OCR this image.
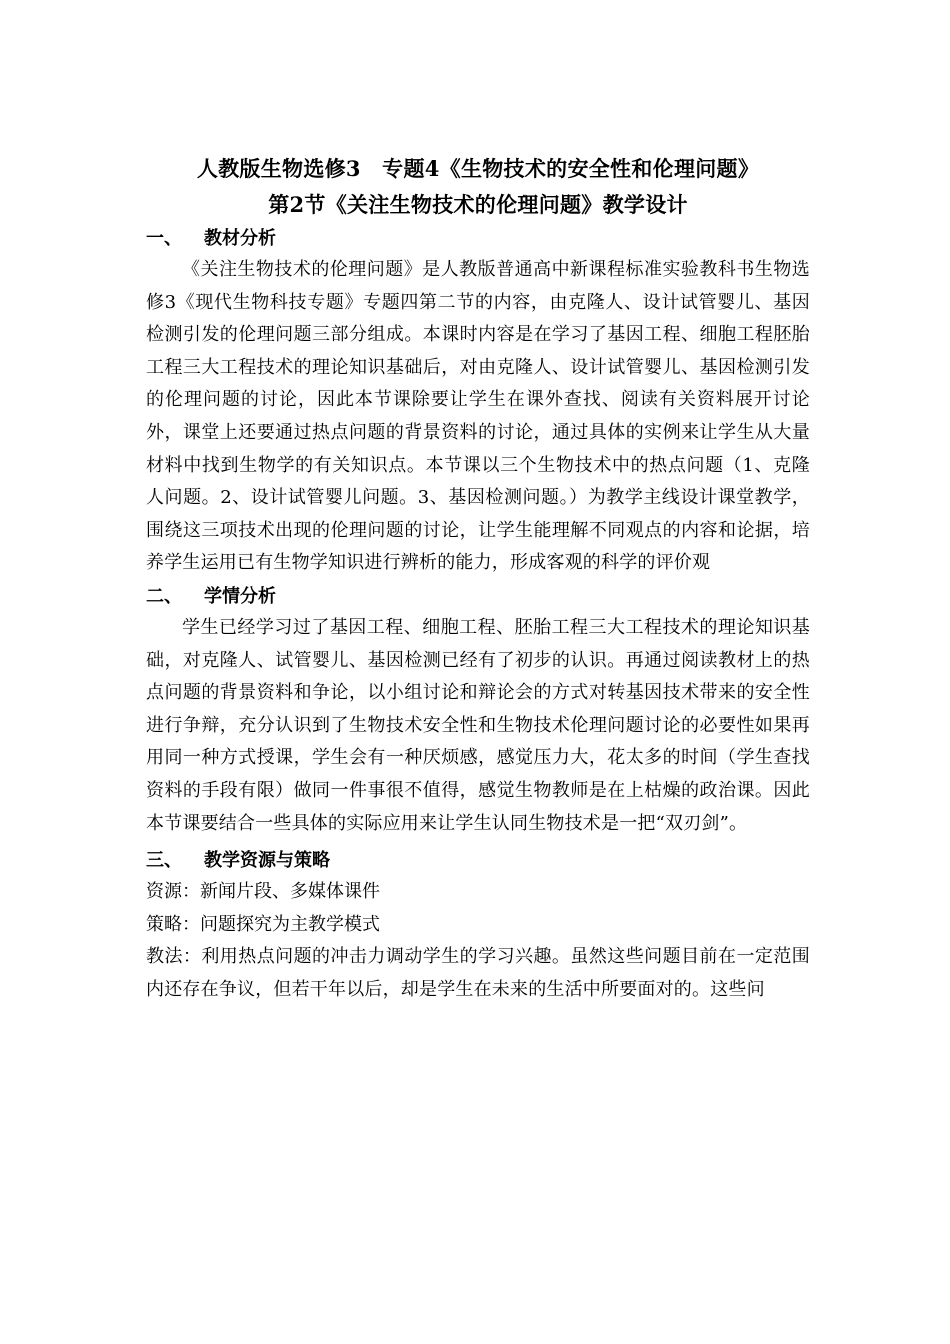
人教版生物选修3　专题4《生物技术的安全性和伦理问题》
第2节《关注生物技术的伦理问题》教学设计
一、 教材分析

《关注生物技术的伦理问题》是人教版普通高中新课程标准实验教科书生物选修3《现代生物科技专题》专题四第二节的内容，由克隆人、设计试管婴儿、基因检测引发的伦理问题三部分组成。本课时内容是在学习了基因工程、细胞工程胚胎工程三大工程技术的理论知识基础后，对由克隆人、设计试管婴儿、基因检测引发的伦理问题的讨论，因此本节课除要让学生在课外查找、阅读有关资料展开讨论外，课堂上还要通过热点问题的背景资料的讨论，通过具体的实例来让学生从大量材料中找到生物学的有关知识点。本节课以三个生物技术中的热点问题（1、克隆人问题。2、设计试管婴儿问题。3、基因检测问题。）为教学主线设计课堂教学，围绕这三项技术出现的伦理问题的讨论，让学生能理解不同观点的内容和论据，培养学生运用已有生物学知识进行辨析的能力，形成客观的科学的评价观

二、 学情分析

学生已经学习过了基因工程、细胞工程、胚胎工程三大工程技术的理论知识基础，对克隆人、试管婴儿、基因检测已经有了初步的认识。再通过阅读教材上的热点问题的背景资料和争论，以小组讨论和辩论会的方式对转基因技术带来的安全性进行争辩，充分认识到了生物技术安全性和生物技术伦理问题讨论的必要性如果再用同一种方式授课，学生会有一种厌烦感，感觉压力大，花太多的时间（学生查找资料的手段有限）做同一件事很不值得，感觉生物教师是在上枯燥的政治课。因此本节课要结合一些具体的实际应用来让学生认同生物技术是一把“双刃剑”。

三、 教学资源与策略

资源：新闻片段、多媒体课件

策略：问题探究为主教学模式

教法：利用热点问题的冲击力调动学生的学习兴趣。虽然这些问题目前在一定范围内还存在争议，但若干年以后，却是学生在未来的生活中所要面对的。这些问
